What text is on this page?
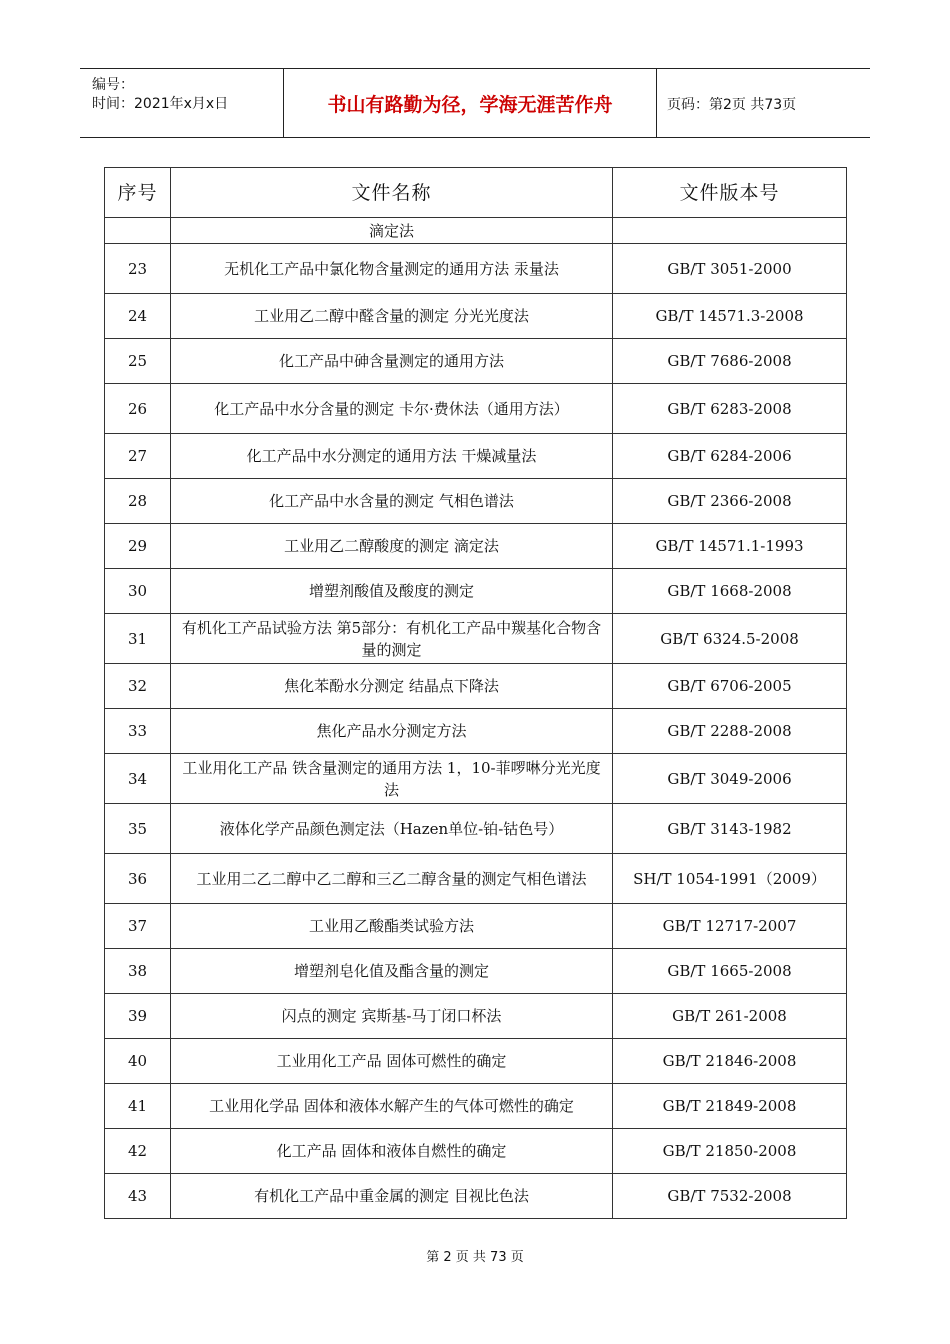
编号：
时间：2021年x月x日	书山有路勤为径，学海无涯苦作舟	页码：第2页 共73页
序号	文件名称	文件版本号
	滴定法	
23	无机化工产品中氯化物含量测定的通用方法 汞量法	GB/T 3051-2000
24	工业用乙二醇中醛含量的测定 分光光度法	GB/T 14571.3-2008
25	化工产品中砷含量测定的通用方法	GB/T 7686-2008
26	化工产品中水分含量的测定 卡尔·费休法（通用方法）	GB/T 6283-2008
27	化工产品中水分测定的通用方法 干燥减量法	GB/T 6284-2006
28	化工产品中水含量的测定 气相色谱法	GB/T 2366-2008
29	工业用乙二醇酸度的测定 滴定法	GB/T 14571.1-1993
30	增塑剂酸值及酸度的测定	GB/T 1668-2008
31	有机化工产品试验方法 第5部分：有机化工产品中羰基化合物含量的测定	GB/T 6324.5-2008
32	焦化苯酚水分测定 结晶点下降法	GB/T 6706-2005
33	焦化产品水分测定方法	GB/T 2288-2008
34	工业用化工产品 铁含量测定的通用方法 1，10-菲啰啉分光光度法	GB/T 3049-2006
35	液体化学产品颜色测定法（Hazen单位-铂-钴色号）	GB/T 3143-1982
36	工业用二乙二醇中乙二醇和三乙二醇含量的测定气相色谱法	SH/T 1054-1991（2009）
37	工业用乙酸酯类试验方法	GB/T 12717-2007
38	增塑剂皂化值及酯含量的测定	GB/T 1665-2008
39	闪点的测定 宾斯基-马丁闭口杯法	GB/T 261-2008
40	工业用化工产品 固体可燃性的确定	GB/T 21846-2008
41	工业用化学品 固体和液体水解产生的气体可燃性的确定	GB/T 21849-2008
42	化工产品 固体和液体自燃性的确定	GB/T 21850-2008
43	有机化工产品中重金属的测定 目视比色法	GB/T 7532-2008
第 2 页 共 73 页
